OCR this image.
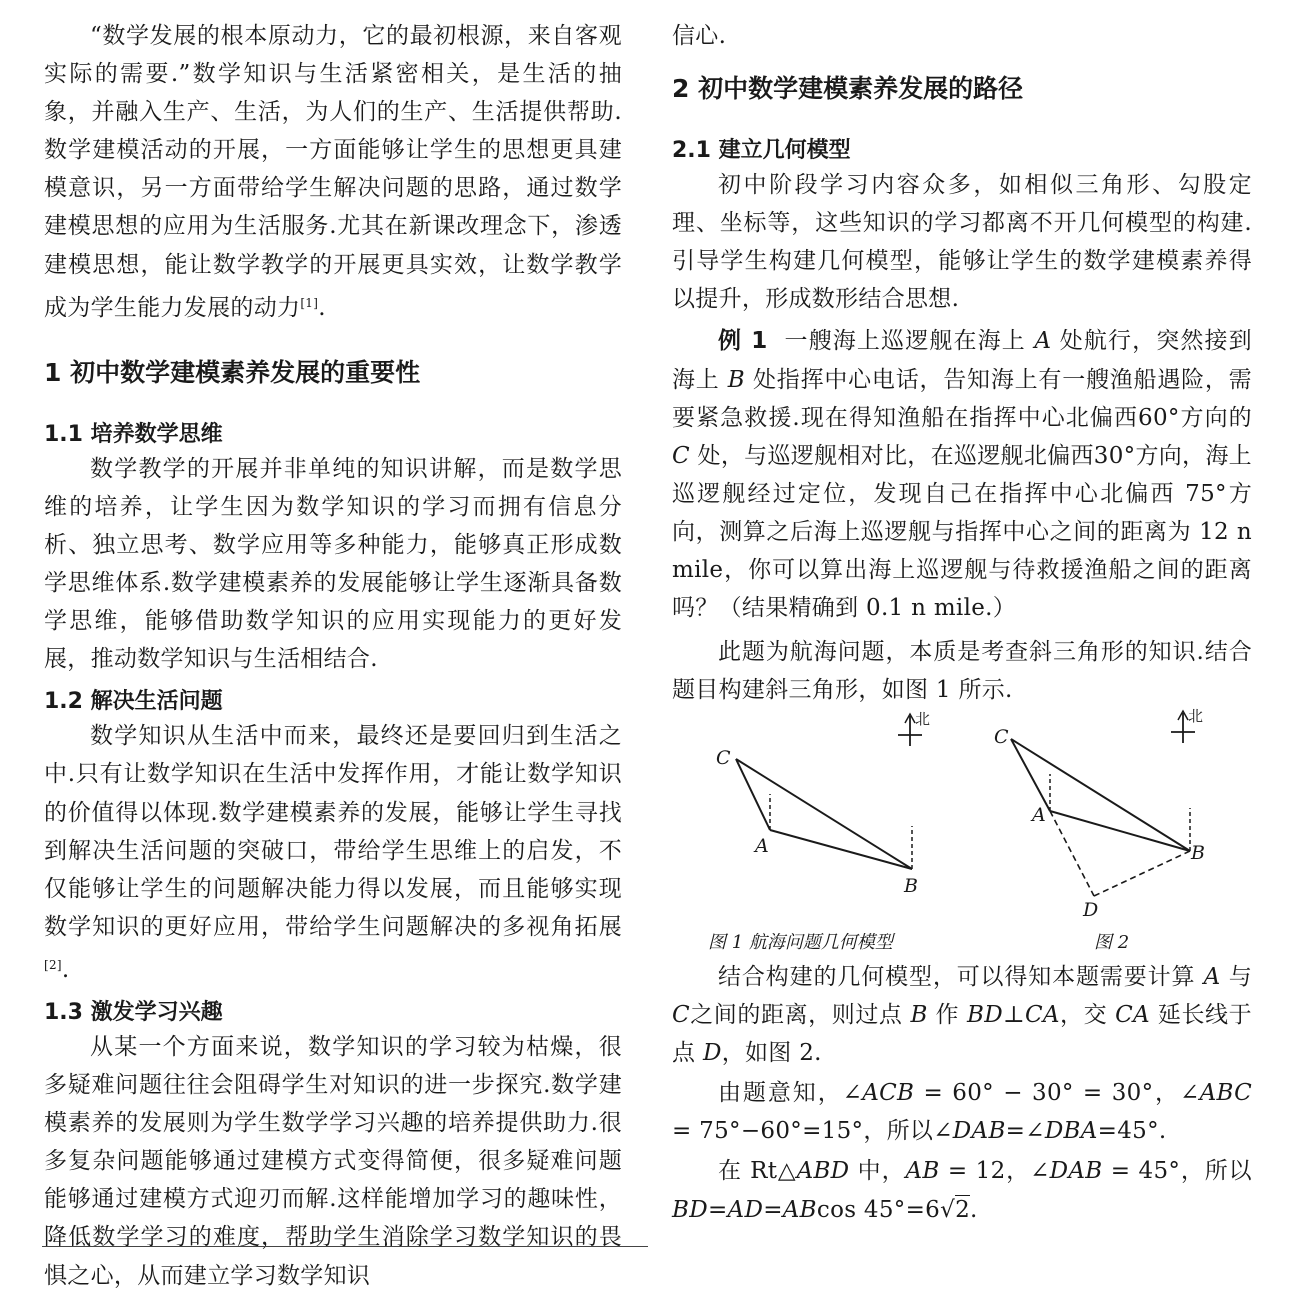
“数学发展的根本原动力，它的最初根源，来自客观实际的需要.”数学知识与生活紧密相关，是生活的抽象，并融入生产、生活，为人们的生产、生活提供帮助.数学建模活动的开展，一方面能够让学生的思想更具建模意识，另一方面带给学生解决问题的思路，通过数学建模思想的应用为生活服务.尤其在新课改理念下，渗透建模思想，能让数学教学的开展更具实效，让数学教学成为学生能力发展的动力[1].

1 初中数学建模素养发展的重要性
1.1 培养数学思维

数学教学的开展并非单纯的知识讲解，而是数学思维的培养，让学生因为数学知识的学习而拥有信息分析、独立思考、数学应用等多种能力，能够真正形成数学思维体系.数学建模素养的发展能够让学生逐渐具备数学思维，能够借助数学知识的应用实现能力的更好发展，推动数学知识与生活相结合.

1.2 解决生活问题

数学知识从生活中而来，最终还是要回归到生活之中.只有让数学知识在生活中发挥作用，才能让数学知识的价值得以体现.数学建模素养的发展，能够让学生寻找到解决生活问题的突破口，带给学生思维上的启发，不仅能够让学生的问题解决能力得以发展，而且能够实现数学知识的更好应用，带给学生问题解决的多视角拓展[2].

1.3 激发学习兴趣

从某一个方面来说，数学知识的学习较为枯燥，很多疑难问题往往会阻碍学生对知识的进一步探究.数学建模素养的发展则为学生数学学习兴趣的培养提供助力.很多复杂问题能够通过建模方式变得简便，很多疑难问题能够通过建模方式迎刃而解.这样能增加学习的趣味性，降低数学学习的难度，帮助学生消除学习数学知识的畏惧之心，从而建立学习数学知识

信心.

2 初中数学建模素养发展的路径
2.1 建立几何模型

初中阶段学习内容众多，如相似三角形、勾股定理、坐标等，这些知识的学习都离不开几何模型的构建.引导学生构建几何模型，能够让学生的数学建模素养得以提升，形成数形结合思想.

例 1 一艘海上巡逻舰在海上 A 处航行，突然接到海上 B 处指挥中心电话，告知海上有一艘渔船遇险，需要紧急救援.现在得知渔船在指挥中心北偏西60°方向的 C 处，与巡逻舰相对比，在巡逻舰北偏西30°方向，海上巡逻舰经过定位，发现自己在指挥中心北偏西 75°方向，测算之后海上巡逻舰与指挥中心之间的距离为 12 n mile，你可以算出海上巡逻舰与待救援渔船之间的距离吗？（结果精确到 0.1 n mile.）

此题为航海问题，本质是考查斜三角形的知识.结合题目构建斜三角形，如图 1 所示.

C
A
B
C
A
B
D
北	北
图 1 航海问题几何模型	图 2

结合构建的几何模型，可以得知本题需要计算 A 与C之间的距离，则过点 B 作 BD⊥CA，交 CA 延长线于点 D，如图 2.

由题意知，∠ACB = 60° − 30° = 30°，∠ABC = 75°−60°=15°，所以∠DAB=∠DBA=45°.

在 Rt△ABD 中，AB = 12，∠DAB = 45°，所以 BD=AD=ABcos 45°=6√2.
